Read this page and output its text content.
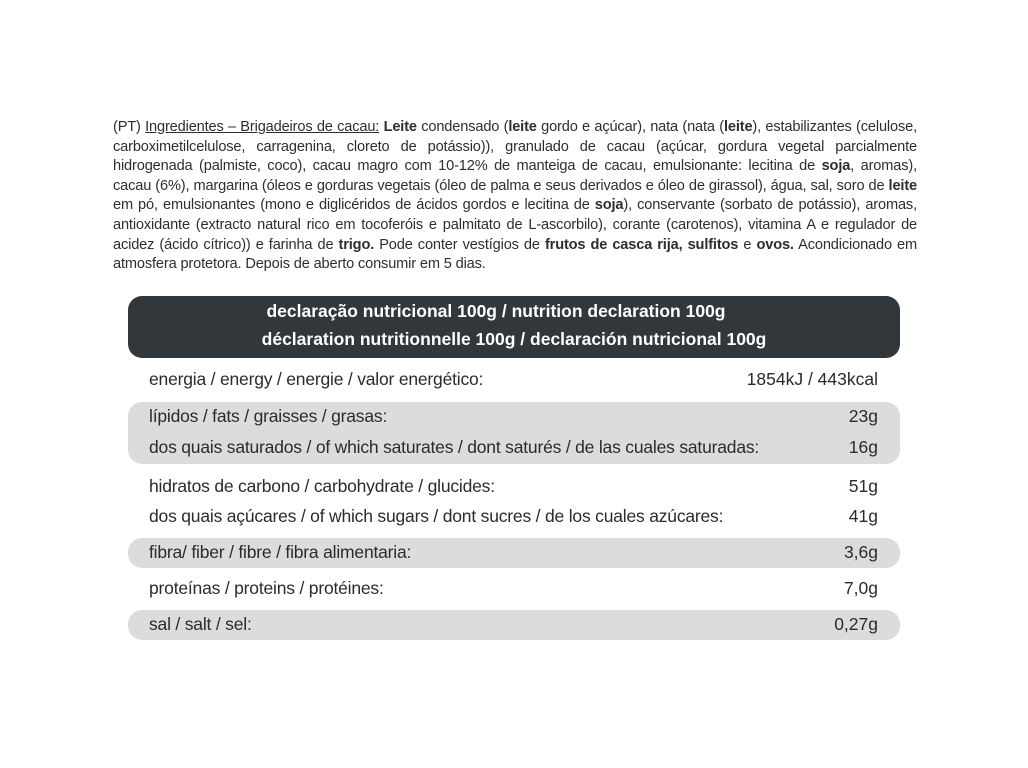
(PT) Ingredientes – Brigadeiros de cacau: Leite condensado (leite gordo e açúcar), nata (nata (leite), estabilizantes (celulose, carboximetilcelulose, carragenina, cloreto de potássio)), granulado de cacau (açúcar, gordura vegetal parcialmente hidrogenada (palmiste, coco), cacau magro com 10-12% de manteiga de cacau, emulsionante: lecitina de soja, aromas), cacau (6%), margarina (óleos e gorduras vegetais (óleo de palma e seus derivados e óleo de girassol), água, sal, soro de leite em pó, emulsionantes (mono e diglicéridos de ácidos gordos e lecitina de soja), conservante (sorbato de potássio), aromas, antioxidante (extracto natural rico em tocoferóis e palmitato de L-ascorbilo), corante (carotenos), vitamina A e regulador de acidez (ácido cítrico)) e farinha de trigo. Pode conter vestígios de frutos de casca rija, sulfitos e ovos. Acondicionado em atmosfera protetora. Depois de aberto consumir em 5 dias.
declaração nutricional 100g / nutrition declaration 100g
déclaration nutritionnelle 100g / declaración nutricional 100g
energia / energy / energie / valor energético:	1854kJ / 443kcal
lípidos / fats / graisses / grasas:	23g
dos quais saturados / of which saturates / dont saturés / de las cuales saturadas:	16g
hidratos de carbono / carbohydrate / glucides:	51g
dos quais açúcares / of which sugars / dont sucres / de los cuales azúcares:	41g
fibra/ fiber / fibre / fibra alimentaria:	3,6g
proteínas / proteins / protéines:	7,0g
sal / salt / sel:	0,27g
